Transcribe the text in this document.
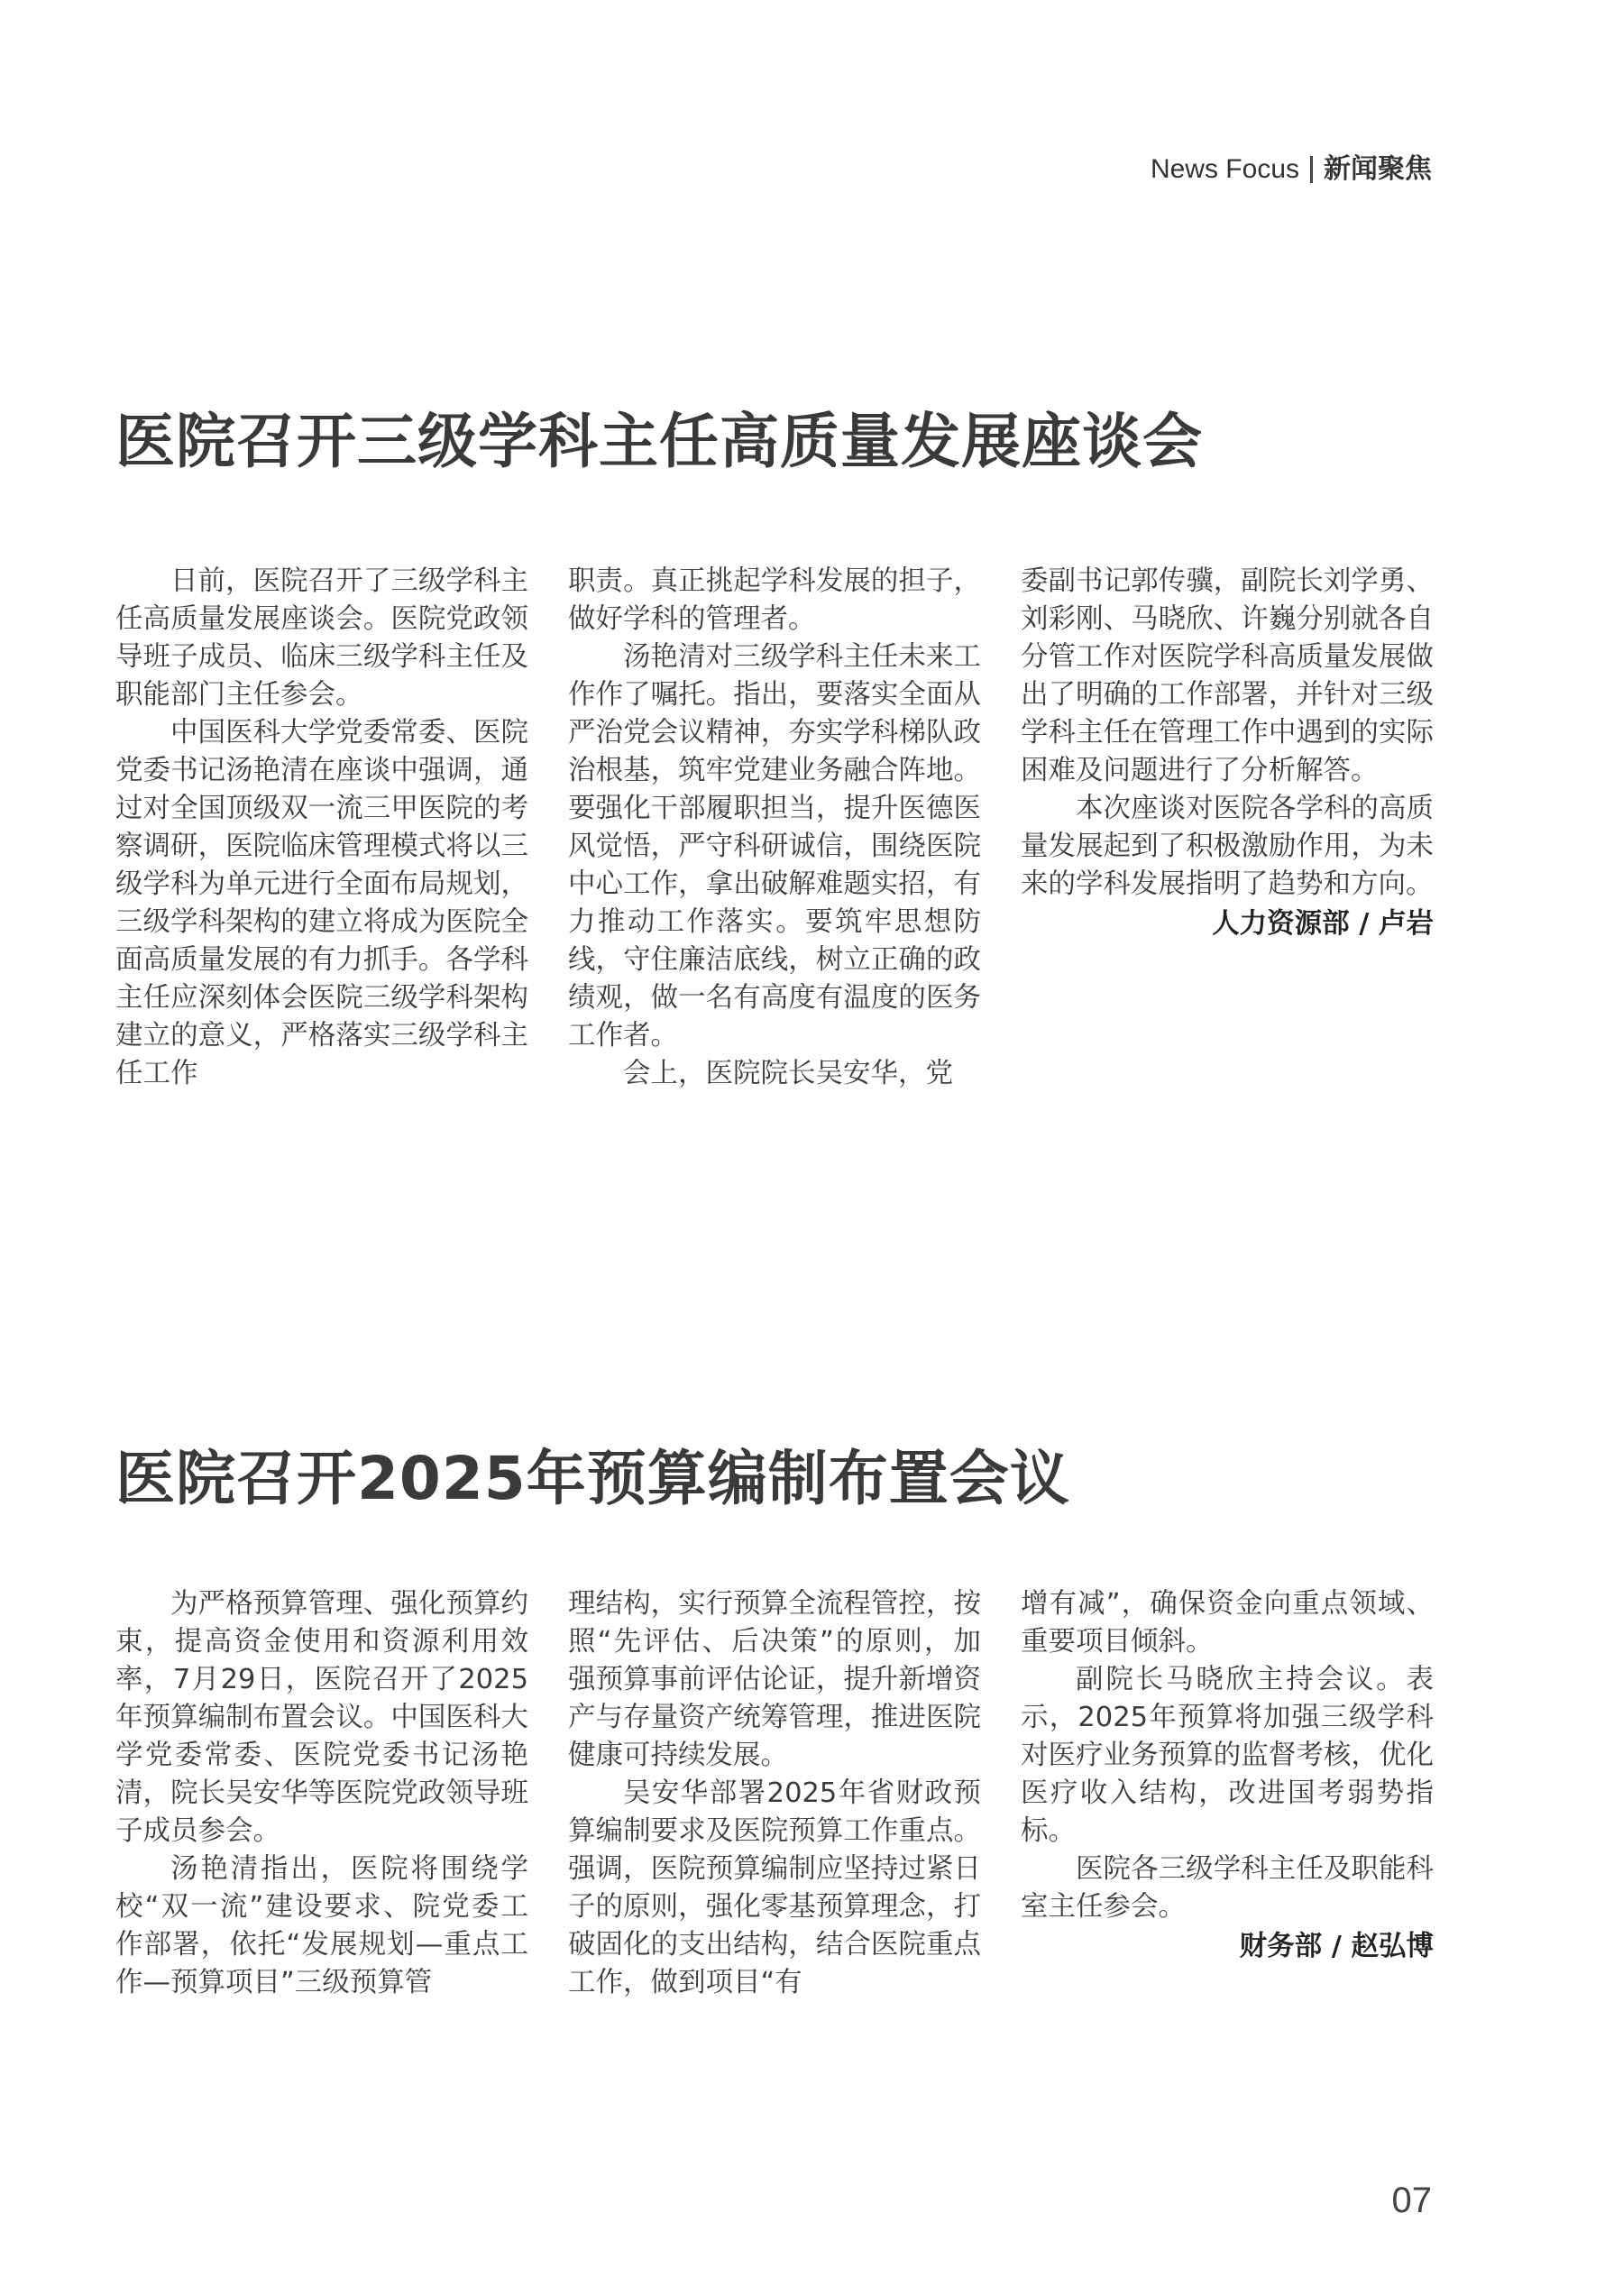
News Focus 新闻聚焦
医院召开三级学科主任高质量发展座谈会

日前，医院召开了三级学科主任高质量发展座谈会。医院党政领导班子成员、临床三级学科主任及职能部门主任参会。

中国医科大学党委常委、医院党委书记汤艳清在座谈中强调，通过对全国顶级双一流三甲医院的考察调研，医院临床管理模式将以三级学科为单元进行全面布局规划，三级学科架构的建立将成为医院全面高质量发展的有力抓手。各学科主任应深刻体会医院三级学科架构建立的意义，严格落实三级学科主任工作

职责。真正挑起学科发展的担子，做好学科的管理者。

汤艳清对三级学科主任未来工作作了嘱托。指出，要落实全面从严治党会议精神，夯实学科梯队政治根基，筑牢党建业务融合阵地。要强化干部履职担当，提升医德医风觉悟，严守科研诚信，围绕医院中心工作，拿出破解难题实招，有力推动工作落实。要筑牢思想防线，守住廉洁底线，树立正确的政绩观，做一名有高度有温度的医务工作者。

会上，医院院长吴安华，党

委副书记郭传骥，副院长刘学勇、刘彩刚、马晓欣、许巍分别就各自分管工作对医院学科高质量发展做出了明确的工作部署，并针对三级学科主任在管理工作中遇到的实际困难及问题进行了分析解答。

本次座谈对医院各学科的高质量发展起到了积极激励作用，为未来的学科发展指明了趋势和方向。

人力资源部 / 卢岩

医院召开2025年预算编制布置会议

为严格预算管理、强化预算约束，提高资金使用和资源利用效率，7月29日，医院召开了2025年预算编制布置会议。中国医科大学党委常委、医院党委书记汤艳清，院长吴安华等医院党政领导班子成员参会。

汤艳清指出，医院将围绕学校“双一流”建设要求、院党委工作部署，依托“发展规划—重点工作—预算项目”三级预算管

理结构，实行预算全流程管控，按照“先评估、后决策”的原则，加强预算事前评估论证，提升新增资产与存量资产统筹管理，推进医院健康可持续发展。

吴安华部署2025年省财政预算编制要求及医院预算工作重点。强调，医院预算编制应坚持过紧日子的原则，强化零基预算理念，打破固化的支出结构，结合医院重点工作，做到项目“有

增有减”，确保资金向重点领域、重要项目倾斜。

副院长马晓欣主持会议。表示，2025年预算将加强三级学科对医疗业务预算的监督考核，优化医疗收入结构，改进国考弱势指标。

医院各三级学科主任及职能科室主任参会。

财务部 / 赵弘博

07
